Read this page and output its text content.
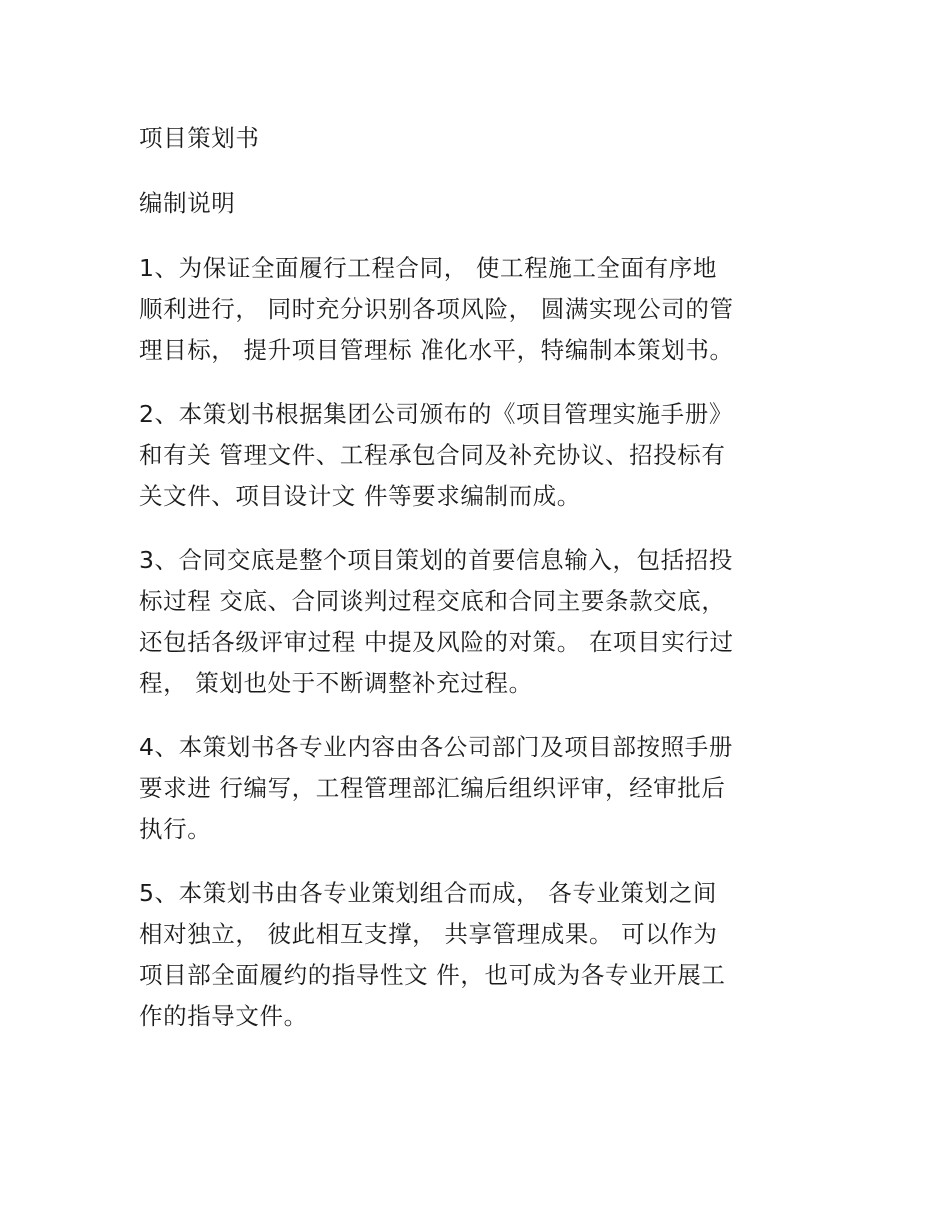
项目策划书
编制说明
1、为保证全面履行工程合同， 使工程施工全面有序地
顺利进行， 同时充分识别各项风险， 圆满实现公司的管
理目标， 提升项目管理标 准化水平，特编制本策划书。
2、本策划书根据集团公司颁布的《项目管理实施手册》
和有关 管理文件、工程承包合同及补充协议、招投标有
关文件、项目设计文 件等要求编制而成。
3、合同交底是整个项目策划的首要信息输入，包括招投
标过程 交底、合同谈判过程交底和合同主要条款交底，
还包括各级评审过程 中提及风险的对策。 在项目实行过
程， 策划也处于不断调整补充过程。
4、本策划书各专业内容由各公司部门及项目部按照手册
要求进 行编写，工程管理部汇编后组织评审，经审批后
执行。
5、本策划书由各专业策划组合而成， 各专业策划之间
相对独立， 彼此相互支撑， 共享管理成果。 可以作为
项目部全面履约的指导性文 件，也可成为各专业开展工
作的指导文件。
